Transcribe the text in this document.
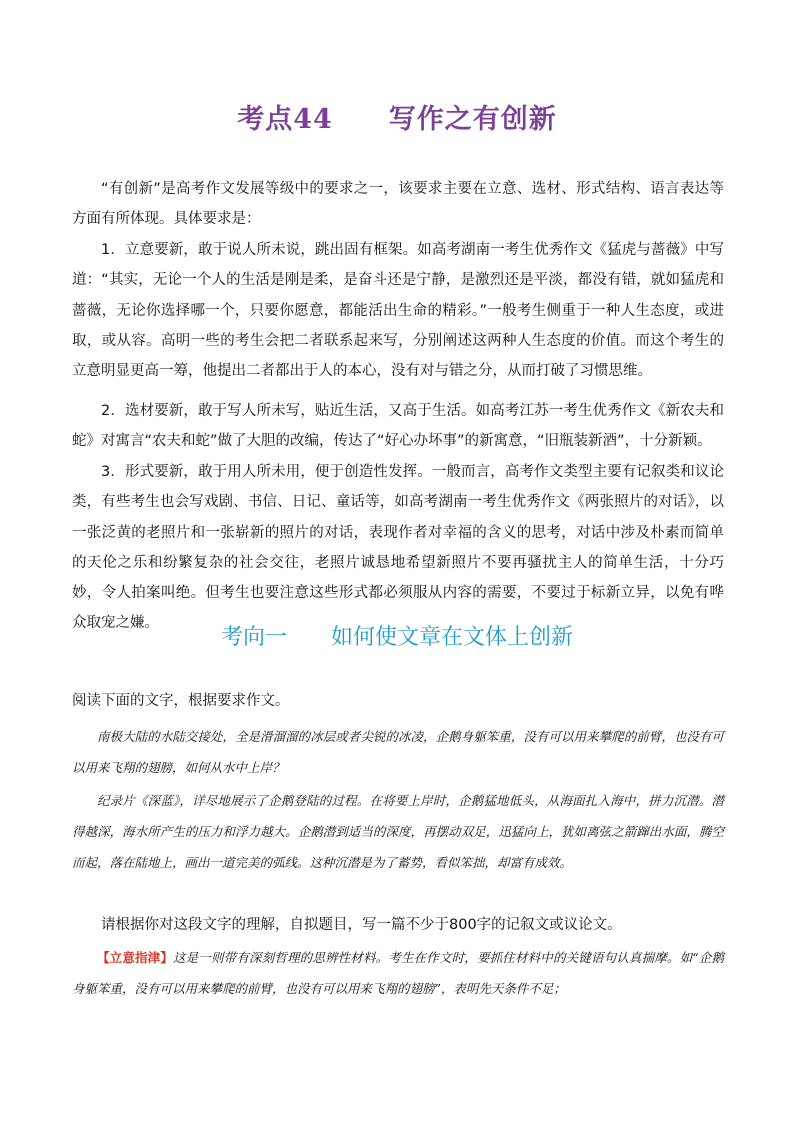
考点44　　写作之有创新

“有创新”是高考作文发展等级中的要求之一，该要求主要在立意、选材、形式结构、语言表达等方面有所体现。具体要求是：

1．立意要新，敢于说人所未说，跳出固有框架。如高考湖南一考生优秀作文《猛虎与蔷薇》中写道：“其实，无论一个人的生活是刚是柔，是奋斗还是宁静，是激烈还是平淡，都没有错，就如猛虎和蔷薇，无论你选择哪一个，只要你愿意，都能活出生命的精彩。”一般考生侧重于一种人生态度，或进取，或从容。高明一些的考生会把二者联系起来写，分别阐述这两种人生态度的价值。而这个考生的立意明显更高一筹，他提出二者都出于人的本心，没有对与错之分，从而打破了习惯思维。

2．选材要新，敢于写人所未写，贴近生活，又高于生活。如高考江苏一考生优秀作文《新农夫和蛇》对寓言“农夫和蛇”做了大胆的改编，传达了“好心办坏事”的新寓意，“旧瓶装新酒”，十分新颖。

3．形式要新，敢于用人所未用，便于创造性发挥。一般而言，高考作文类型主要有记叙类和议论类，有些考生也会写戏剧、书信、日记、童话等，如高考湖南一考生优秀作文《两张照片的对话》，以一张泛黄的老照片和一张崭新的照片的对话，表现作者对幸福的含义的思考，对话中涉及朴素而简单的天伦之乐和纷繁复杂的社会交往，老照片诚恳地希望新照片不要再骚扰主人的简单生活，十分巧妙，令人拍案叫绝。但考生也要注意这些形式都必须服从内容的需要，不要过于标新立异，以免有哗众取宠之嫌。

考向一　　如何使文章在文体上创新

阅读下面的文字，根据要求作文。

南极大陆的水陆交接处，全是滑溜溜的冰层或者尖锐的冰凌，企鹅身躯笨重，没有可以用来攀爬的前臂，也没有可以用来飞翔的翅膀，如何从水中上岸？

纪录片《深蓝》，详尽地展示了企鹅登陆的过程。在将要上岸时，企鹅猛地低头，从海面扎入海中，拼力沉潜。潜得越深，海水所产生的压力和浮力越大。企鹅潜到适当的深度，再摆动双足，迅猛向上，犹如离弦之箭蹿出水面，腾空而起，落在陆地上，画出一道完美的弧线。这种沉潜是为了蓄势，看似笨拙，却富有成效。

请根据你对这段文字的理解，自拟题目，写一篇不少于800字的记叙文或议论文。

【立意指津】这是一则带有深刻哲理的思辨性材料。考生在作文时，要抓住材料中的关键语句认真揣摩。如“企鹅身躯笨重，没有可以用来攀爬的前臂，也没有可以用来飞翔的翅膀”，表明先天条件不足；
